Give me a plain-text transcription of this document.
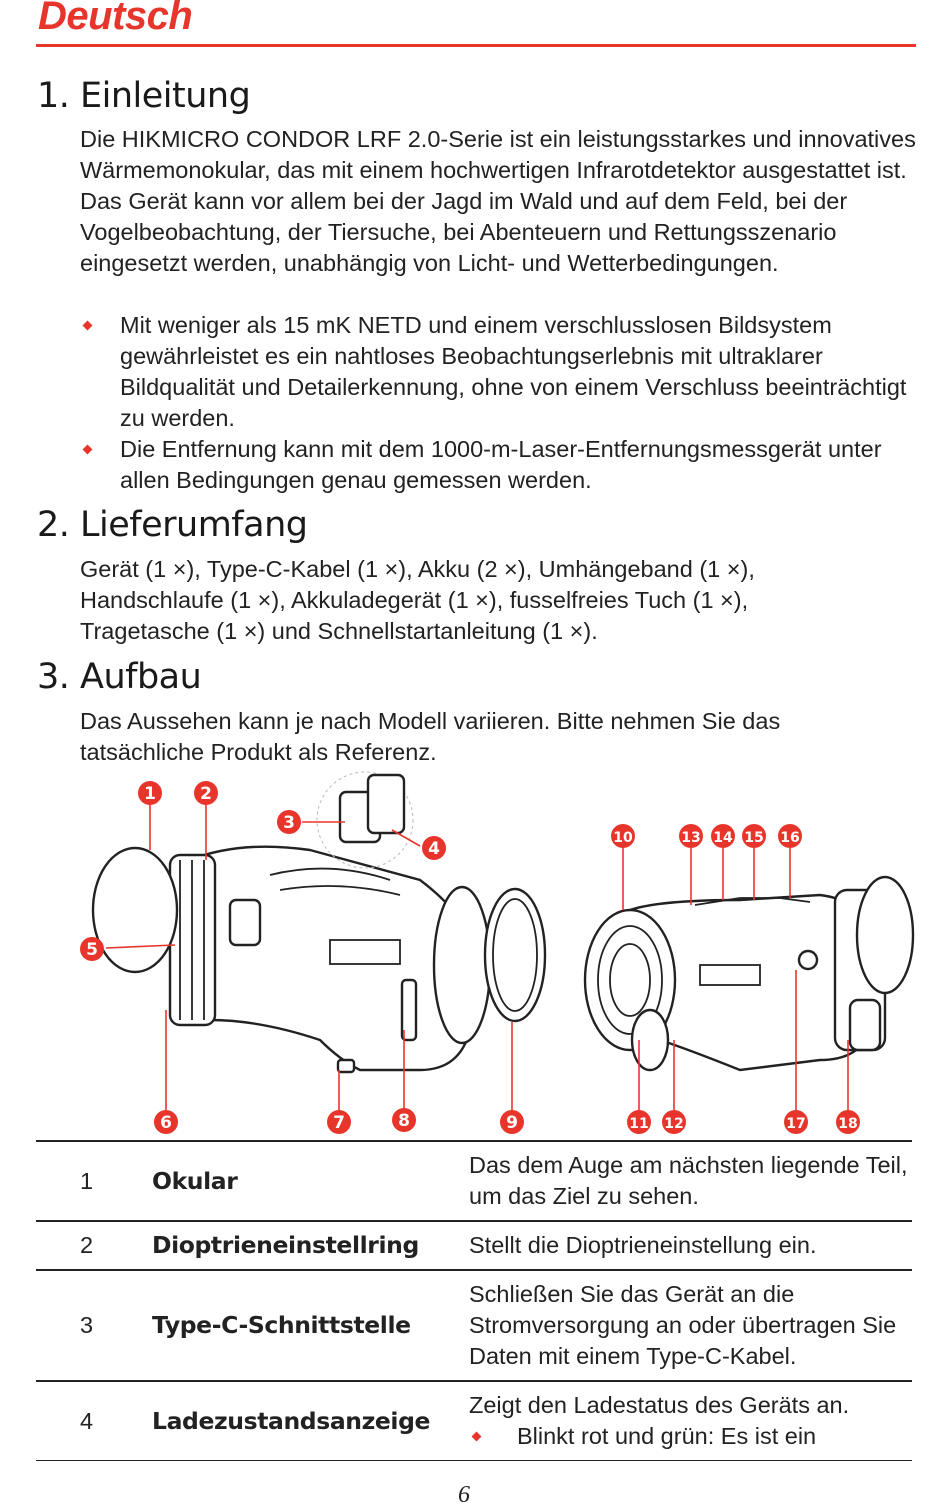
Deutsch
1. Einleitung

Die HIKMICRO CONDOR LRF 2.0-Serie ist ein leistungsstarkes und innovatives Wärmemonokular, das mit einem hochwertigen Infrarotdetektor ausgestattet ist. Das Gerät kann vor allem bei der Jagd im Wald und auf dem Feld, bei der Vogelbeobachtung, der Tiersuche, bei Abenteuern und Rettungsszenario eingesetzt werden, unabhängig von Licht- und Wetterbedingungen.

Mit weniger als 15 mK NETD und einem verschlusslosen Bildsystem gewährleistet es ein nahtloses Beobachtungserlebnis mit ultraklarer Bildqualität und Detailerkennung, ohne von einem Verschluss beeinträchtigt zu werden.
Die Entfernung kann mit dem 1000-m-Laser-Entfernungsmessgerät unter allen Bedingungen genau gemessen werden.
2. Lieferumfang

Gerät (1 ×), Type-C-Kabel (1 ×), Akku (2 ×), Umhängeband (1 ×), Handschlaufe (1 ×), Akkuladegerät (1 ×), fusselfreies Tuch (1 ×), Tragetasche (1 ×) und Schnellstartanleitung (1 ×).

3. Aufbau

Das Aussehen kann je nach Modell variieren. Bitte nehmen Sie das tatsächliche Produkt als Referenz.

1	2
3
4
5
6	7	8	9
10
11 12
13 14 15 16
17 18
1	Okular	Das dem Auge am nächsten liegende Teil, um das Ziel zu sehen.
2	Dioptrieneinstellring	Stellt die Dioptrieneinstellung ein.
3	Type-C-Schnittstelle	Schließen Sie das Gerät an die Stromversorgung an oder übertragen Sie Daten mit einem Type-C-Kabel.
4	Ladezustandsanzeige	Zeigt den Ladestatus des Geräts an.
Blinkt rot und grün: Es ist ein
6
